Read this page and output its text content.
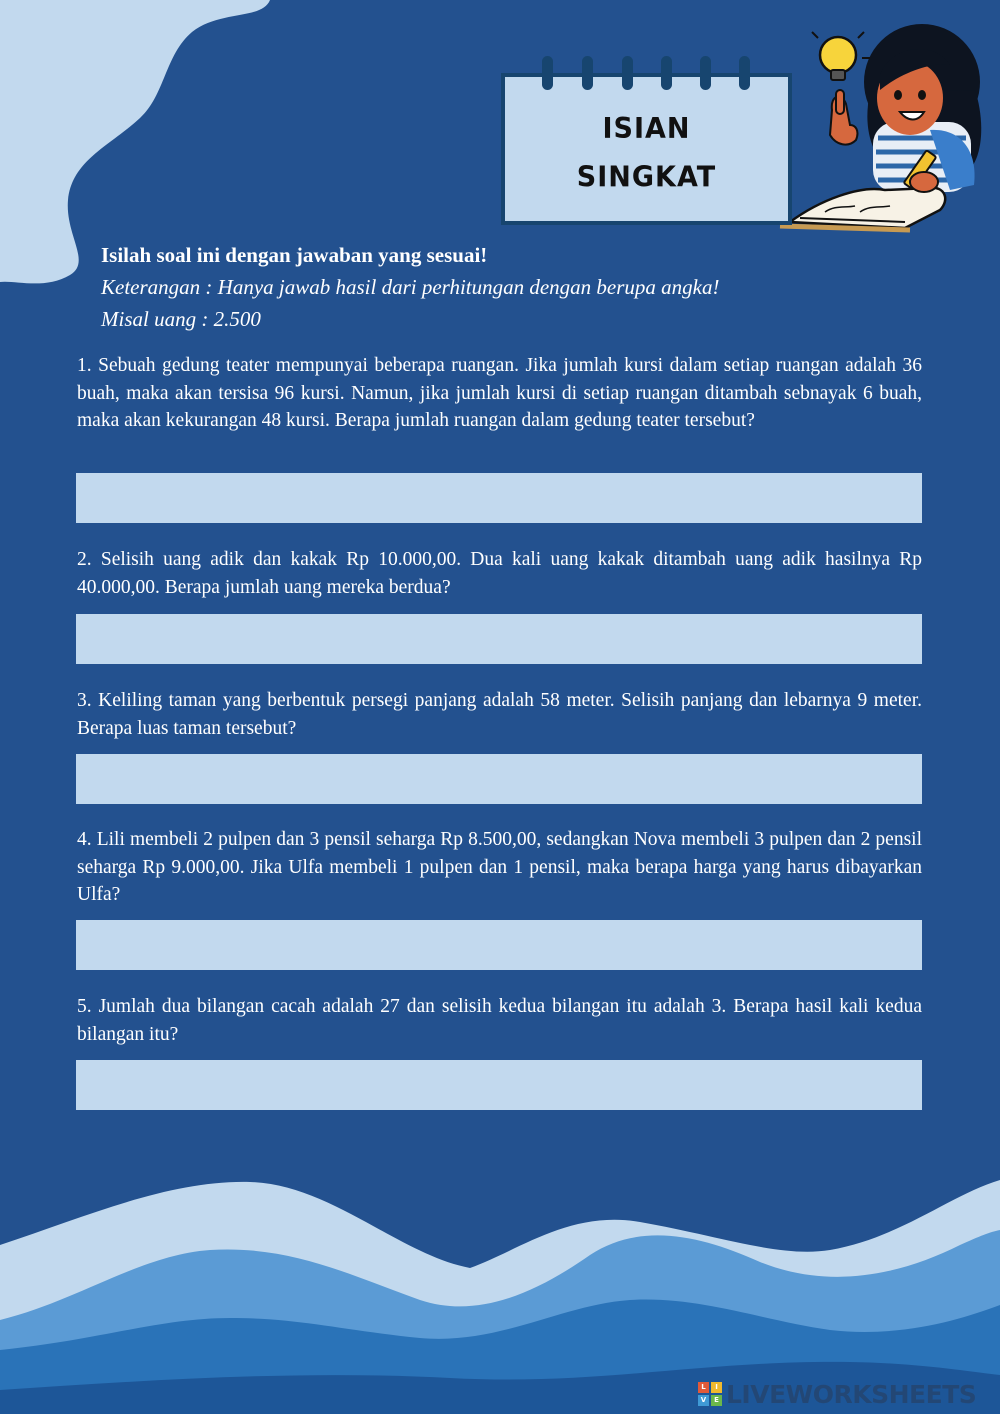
ISIAN
SINGKAT
Isilah soal ini dengan jawaban yang sesuai!
Keterangan : Hanya jawab hasil dari perhitungan dengan berupa angka!
Misal uang : 2.500
1. Sebuah gedung teater mempunyai beberapa ruangan. Jika jumlah kursi dalam setiap ruangan adalah 36 buah, maka akan tersisa 96 kursi. Namun, jika jumlah kursi di setiap ruangan ditambah sebnayak 6 buah, maka akan kekurangan 48 kursi. Berapa jumlah ruangan dalam gedung teater tersebut?
2. Selisih uang adik dan kakak Rp 10.000,00. Dua kali uang kakak ditambah uang adik hasilnya Rp 40.000,00. Berapa jumlah uang mereka berdua?
3. Keliling taman yang berbentuk persegi panjang adalah 58 meter. Selisih panjang dan lebarnya 9 meter. Berapa luas taman tersebut?
4. Lili membeli 2 pulpen dan 3 pensil seharga Rp 8.500,00, sedangkan Nova membeli 3 pulpen dan 2 pensil seharga Rp 9.000,00. Jika Ulfa membeli 1 pulpen dan 1 pensil, maka berapa harga yang harus dibayarkan Ulfa?
5. Jumlah dua bilangan cacah adalah 27 dan selisih kedua bilangan itu adalah 3. Berapa hasil kali kedua bilangan itu?
L	I
V	E LIVEWORKSHEETS
